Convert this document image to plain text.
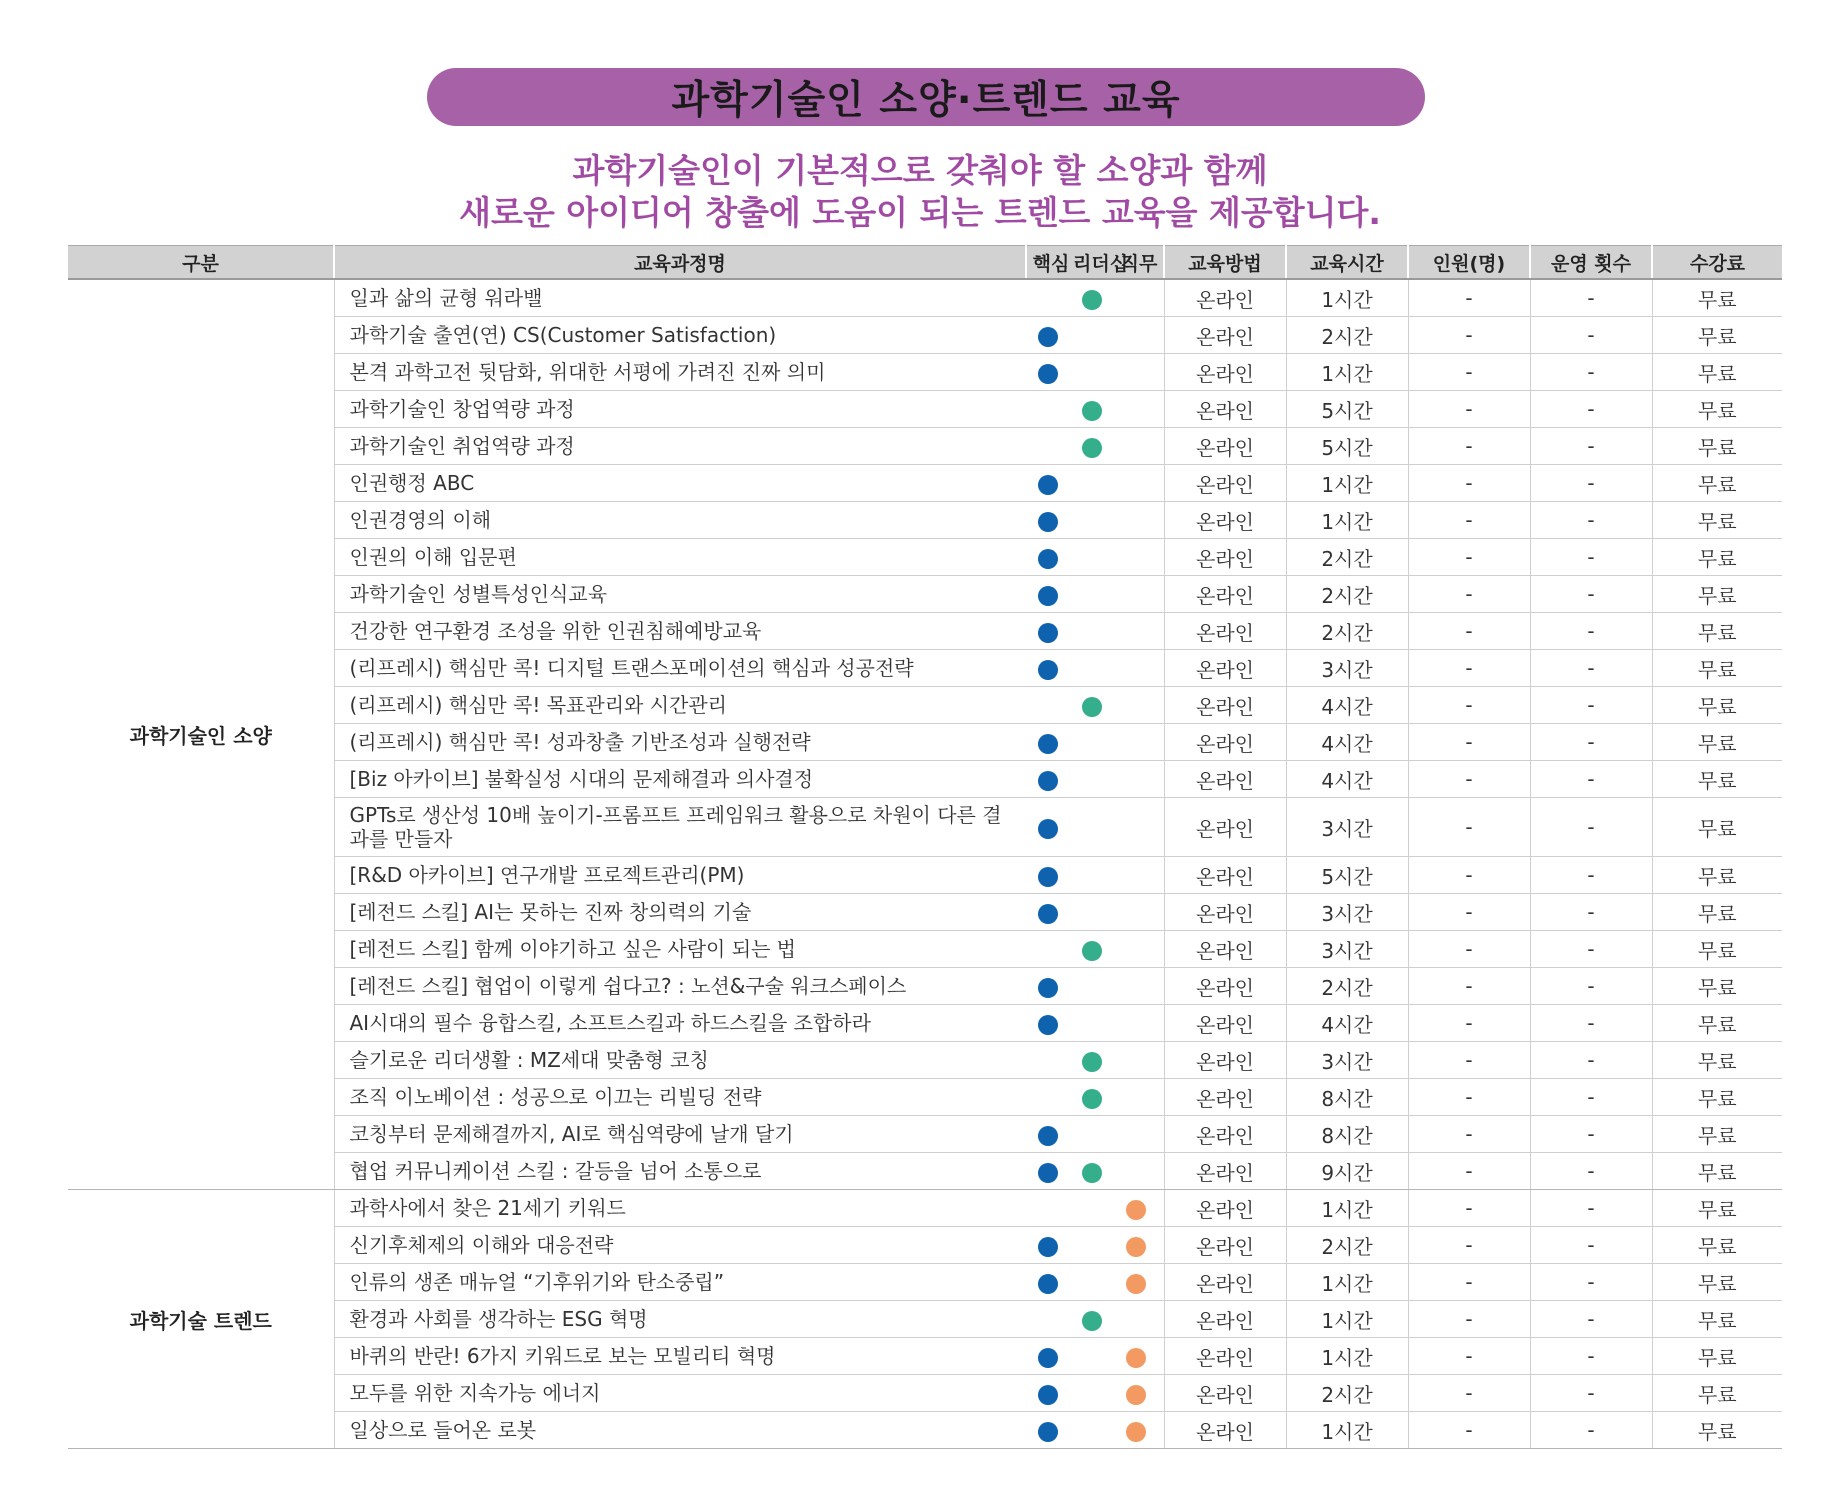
과학기술인 소양·트렌드 교육
과학기술인이 기본적으로 갖춰야 할 소양과 함께
새로운 아이디어 창출에 도움이 되는 트렌드 교육을 제공합니다.
구분	교육과정명	핵심 리더십직무	교육방법	교육시간	인원(명)	운영 횟수	수강료
과학기술인 소양	일과 삶의 균형 워라밸		온라인	1시간	-	-	무료
	과학기술 출연(연) CS(Customer Satisfaction)		온라인	2시간	-	-	무료
	본격 과학고전 뒷담화, 위대한 서평에 가려진 진짜 의미		온라인	1시간	-	-	무료
	과학기술인 창업역량 과정		온라인	5시간	-	-	무료
	과학기술인 취업역량 과정		온라인	5시간	-	-	무료
	인권행정 ABC		온라인	1시간	-	-	무료
	인권경영의 이해		온라인	1시간	-	-	무료
	인권의 이해 입문편		온라인	2시간	-	-	무료
	과학기술인 성별특성인식교육		온라인	2시간	-	-	무료
	건강한 연구환경 조성을 위한 인권침해예방교육		온라인	2시간	-	-	무료
	(리프레시) 핵심만 콕! 디지털 트랜스포메이션의 핵심과 성공전략		온라인	3시간	-	-	무료
	(리프레시) 핵심만 콕! 목표관리와 시간관리		온라인	4시간	-	-	무료
	(리프레시) 핵심만 콕! 성과창출 기반조성과 실행전략		온라인	4시간	-	-	무료
	[Biz 아카이브] 불확실성 시대의 문제해결과 의사결정		온라인	4시간	-	-	무료
	GPTs로 생산성 10배 높이기-프롬프트 프레임워크 활용으로 차원이 다른 결과를 만들자		온라인	3시간	-	-	무료
	[R&D 아카이브] 연구개발 프로젝트관리(PM)		온라인	5시간	-	-	무료
	[레전드 스킬] AI는 못하는 진짜 창의력의 기술		온라인	3시간	-	-	무료
	[레전드 스킬] 함께 이야기하고 싶은 사람이 되는 법		온라인	3시간	-	-	무료
	[레전드 스킬] 협업이 이렇게 쉽다고? : 노션&구술 워크스페이스		온라인	2시간	-	-	무료
	AI시대의 필수 융합스킬, 소프트스킬과 하드스킬을 조합하라		온라인	4시간	-	-	무료
	슬기로운 리더생활 : MZ세대 맞춤형 코칭		온라인	3시간	-	-	무료
	조직 이노베이션 : 성공으로 이끄는 리빌딩 전략		온라인	8시간	-	-	무료
	코칭부터 문제해결까지, AI로 핵심역량에 날개 달기		온라인	8시간	-	-	무료
	협업 커뮤니케이션 스킬 : 갈등을 넘어 소통으로		온라인	9시간	-	-	무료
과학기술 트렌드	과학사에서 찾은 21세기 키워드		온라인	1시간	-	-	무료
	신기후체제의 이해와 대응전략		온라인	2시간	-	-	무료
	인류의 생존 매뉴얼 “기후위기와 탄소중립”		온라인	1시간	-	-	무료
	환경과 사회를 생각하는 ESG 혁명		온라인	1시간	-	-	무료
	바퀴의 반란! 6가지 키워드로 보는 모빌리티 혁명		온라인	1시간	-	-	무료
	모두를 위한 지속가능 에너지		온라인	2시간	-	-	무료
	일상으로 들어온 로봇		온라인	1시간	-	-	무료
